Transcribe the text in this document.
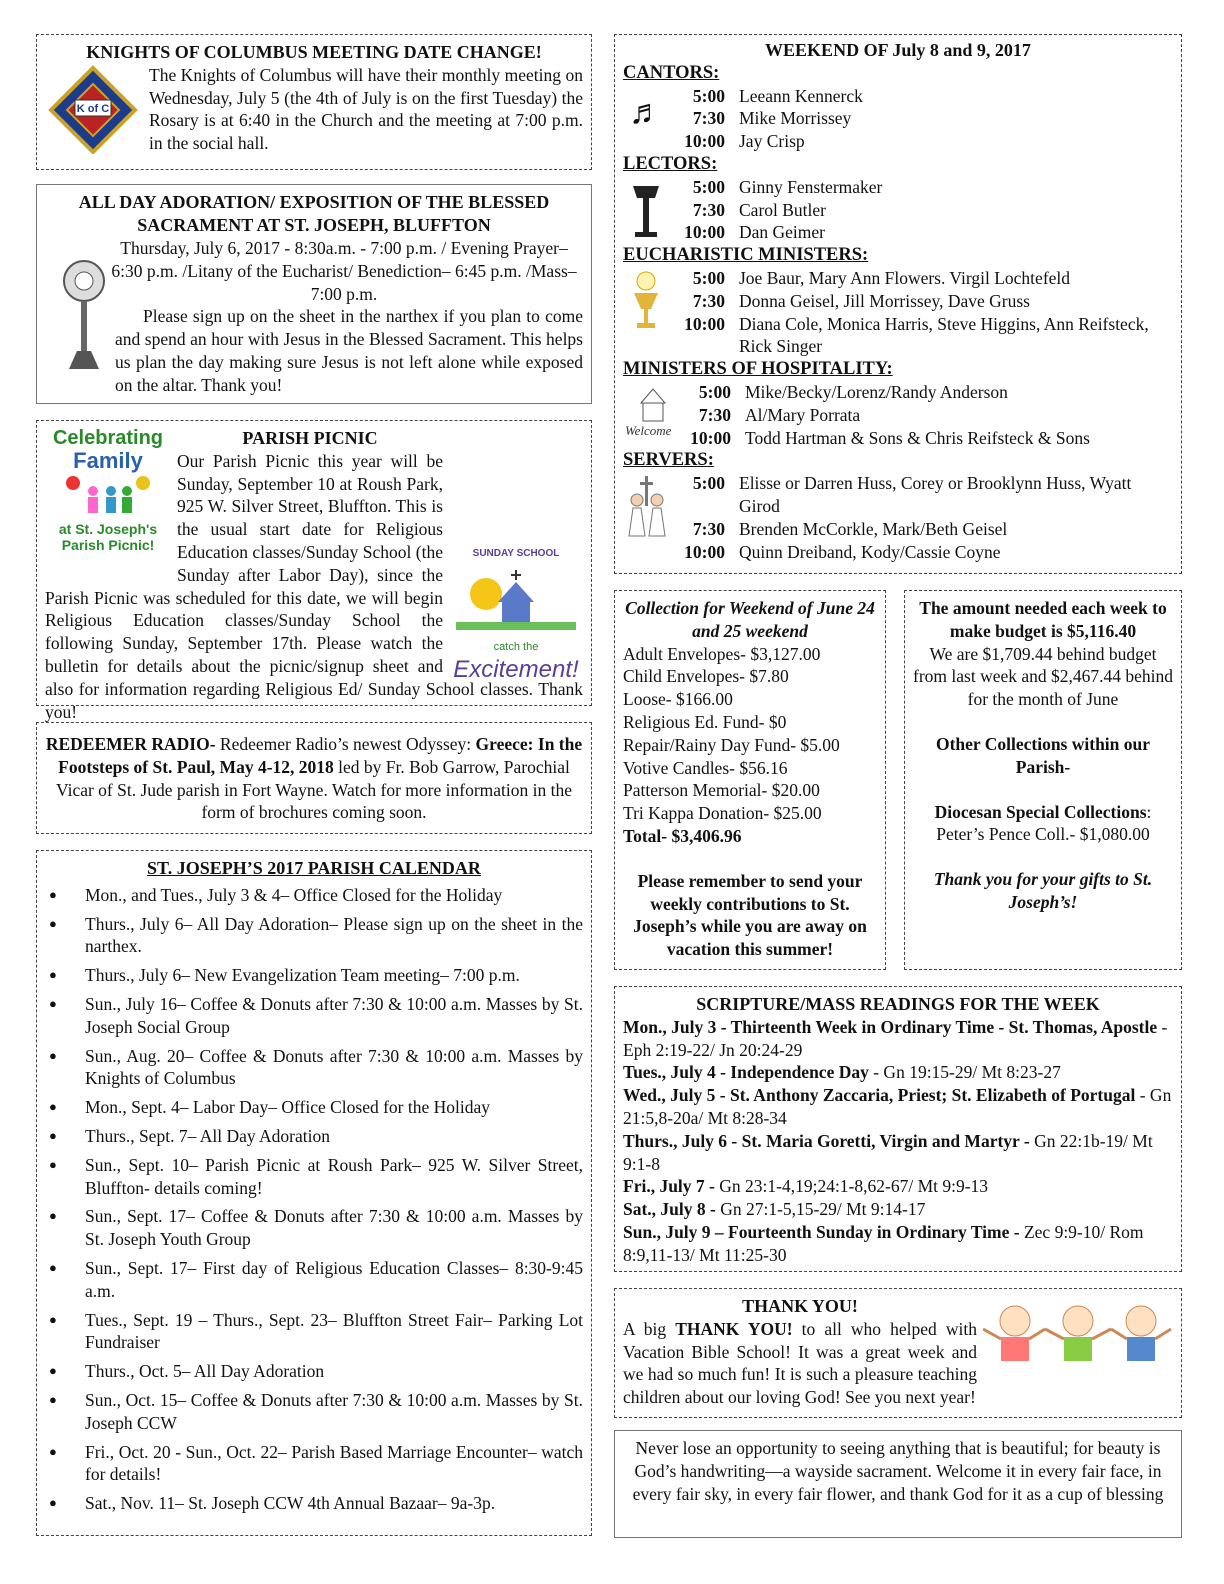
KNIGHTS OF COLUMBUS MEETING DATE CHANGE!
K of C
The Knights of Columbus will have their monthly meeting on Wednesday, July 5 (the 4th of July is on the first Tuesday) the Rosary is at 6:40 in the Church and the meeting at 7:00 p.m. in the social hall.
ALL DAY ADORATION/ EXPOSITION OF THE BLESSED SACRAMENT AT ST. JOSEPH, BLUFFTON
Thursday, July 6, 2017 - 8:30a.m. - 7:00 p.m. / Evening Prayer– 6:30 p.m. /Litany of the Eucharist/ Benediction– 6:45 p.m. /Mass– 7:00 p.m.
Please sign up on the sheet in the narthex if you plan to come and spend an hour with Jesus in the Blessed Sacrament. This helps us plan the day making sure Jesus is not left alone while exposed on the altar. Thank you!
Celebrating
Family
at St. Joseph's
Parish Picnic!
SUNDAY SCHOOL
catch the
Excitement!
PARISH PICNIC
Our Parish Picnic this year will be Sunday, September 10 at Roush Park, 925 W. Silver Street, Bluffton. This is the usual start date for Religious Education classes/Sunday School (the Sunday after Labor Day), since the Parish Picnic was scheduled for this date, we will begin Religious Education classes/Sunday School the following Sunday, September 17th. Please watch the bulletin for details about the picnic/signup sheet and also for information regarding Religious Ed/ Sunday School classes. Thank you!
REDEEMER RADIO- Redeemer Radio’s newest Odyssey: Greece: In the Footsteps of St. Paul, May 4-12, 2018 led by Fr. Bob Garrow, Parochial Vicar of St. Jude parish in Fort Wayne. Watch for more information in the form of brochures coming soon.
ST. JOSEPH’S 2017 PARISH CALENDAR
● Mon., and Tues., July 3 & 4– Office Closed for the Holiday
● Thurs., July 6– All Day Adoration– Please sign up on the sheet in the narthex.
● Thurs., July 6– New Evangelization Team meeting– 7:00 p.m.
● Sun., July 16– Coffee & Donuts after 7:30 & 10:00 a.m. Masses by St. Joseph Social Group
● Sun., Aug. 20– Coffee & Donuts after 7:30 & 10:00 a.m. Masses by Knights of Columbus
● Mon., Sept. 4– Labor Day– Office Closed for the Holiday
● Thurs., Sept. 7– All Day Adoration
● Sun., Sept. 10– Parish Picnic at Roush Park– 925 W. Silver Street, Bluffton- details coming!
● Sun., Sept. 17– Coffee & Donuts after 7:30 & 10:00 a.m. Masses by St. Joseph Youth Group
● Sun., Sept. 17– First day of Religious Education Classes– 8:30-9:45 a.m.
● Tues., Sept. 19 – Thurs., Sept. 23– Bluffton Street Fair– Parking Lot Fundraiser
● Thurs., Oct. 5– All Day Adoration
● Sun., Oct. 15– Coffee & Donuts after 7:30 & 10:00 a.m. Masses by St. Joseph CCW
● Fri., Oct. 20 - Sun., Oct. 22– Parish Based Marriage Encounter– watch for details!
● Sat., Nov. 11– St. Joseph CCW 4th Annual Bazaar– 9a-3p.
WEEKEND OF July 8 and 9, 2017
CANTORS:
♬	5:00 Leeann Kennerck
7:30 Mike Morrissey
10:00 Jay Crisp
LECTORS:
5:00 Ginny Fenstermaker
7:30 Carol Butler
10:00 Dan Geimer
EUCHARISTIC MINISTERS:
5:00 Joe Baur, Mary Ann Flowers. Virgil Lochtefeld
7:30 Donna Geisel, Jill Morrissey, Dave Gruss
10:00 Diana Cole, Monica Harris, Steve Higgins, Ann Reifsteck, Rick Singer
MINISTERS OF HOSPITALITY:
Welcome
5:00 Mike/Becky/Lorenz/Randy Anderson
7:30 Al/Mary Porrata
10:00 Todd Hartman & Sons & Chris Reifsteck & Sons
SERVERS:
5:00 Elisse or Darren Huss, Corey or Brooklynn Huss, Wyatt Girod
7:30 Brenden McCorkle, Mark/Beth Geisel
10:00 Quinn Dreiband, Kody/Cassie Coyne
Collection for Weekend of June 24 and 25 weekend
Adult Envelopes- $3,127.00
Child Envelopes- $7.80
Loose- $166.00
Religious Ed. Fund- $0
Repair/Rainy Day Fund- $5.00
Votive Candles- $56.16
Patterson Memorial- $20.00
Tri Kappa Donation- $25.00
Total- $3,406.96
Please remember to send your weekly contributions to St. Joseph’s while you are away on vacation this summer!
The amount needed each week to make budget is $5,116.40
We are $1,709.44 behind budget from last week and $2,467.44 behind for the month of June
Other Collections within our Parish-
Diocesan Special Collections:
Peter’s Pence Coll.- $1,080.00
Thank you for your gifts to St. Joseph’s!
SCRIPTURE/MASS READINGS FOR THE WEEK

Mon., July 3 - Thirteenth Week in Ordinary Time - St. Thomas, Apostle - Eph 2:19-22/ Jn 20:24-29

Tues., July 4 - Independence Day - Gn 19:15-29/ Mt 8:23-27

Wed., July 5 - St. Anthony Zaccaria, Priest; St. Elizabeth of Portugal - Gn 21:5,8-20a/ Mt 8:28-34

Thurs., July 6 - St. Maria Goretti, Virgin and Martyr - Gn 22:1b-19/ Mt 9:1-8

Fri., July 7 - Gn 23:1-4,19;24:1-8,62-67/ Mt 9:9-13

Sat., July 8 - Gn 27:1-5,15-29/ Mt 9:14-17

Sun., July 9 – Fourteenth Sunday in Ordinary Time - Zec 9:9-10/ Rom 8:9,11-13/ Mt 11:25-30

THANK YOU!
A big THANK YOU! to all who helped with Vacation Bible School! It was a great week and we had so much fun! It is such a pleasure teaching children about our loving God! See you next year!
Never lose an opportunity to seeing anything that is beautiful; for beauty is God’s handwriting—a wayside sacrament. Welcome it in every fair face, in every fair sky, in every fair flower, and thank God for it as a cup of blessing
